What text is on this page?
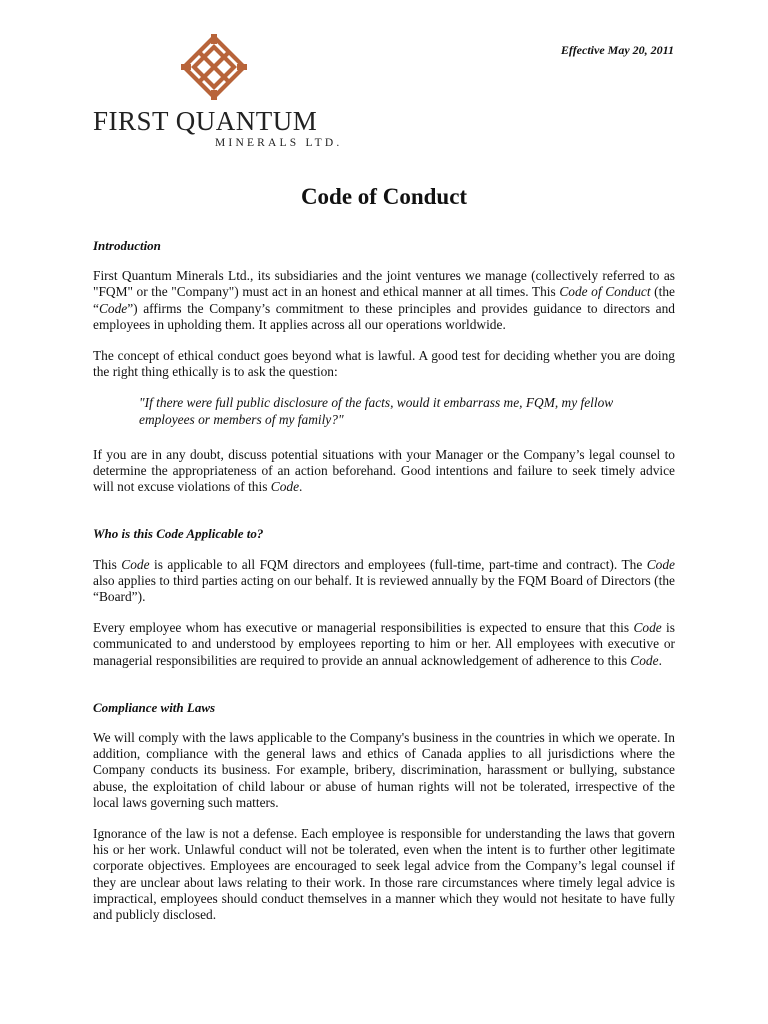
FIRST QUANTUM
MINERALS LTD.
Effective May 20, 2011
Code of Conduct
Introduction
First Quantum Minerals Ltd., its subsidiaries and the joint ventures we manage (collectively referred to as "FQM" or the "Company") must act in an honest and ethical manner at all times. This Code of Conduct (the “Code”) affirms the Company’s commitment to these principles and provides guidance to directors and employees in upholding them. It applies across all our operations worldwide.
The concept of ethical conduct goes beyond what is lawful. A good test for deciding whether you are doing the right thing ethically is to ask the question:
"If there were full public disclosure of the facts, would it embarrass me, FQM, my fellow employees or members of my family?"
If you are in any doubt, discuss potential situations with your Manager or the Company’s legal counsel to determine the appropriateness of an action beforehand. Good intentions and failure to seek timely advice will not excuse violations of this Code.
Who is this Code Applicable to?
This Code is applicable to all FQM directors and employees (full-time, part-time and contract). The Code also applies to third parties acting on our behalf. It is reviewed annually by the FQM Board of Directors (the “Board”).
Every employee whom has executive or managerial responsibilities is expected to ensure that this Code is communicated to and understood by employees reporting to him or her. All employees with executive or managerial responsibilities are required to provide an annual acknowledgement of adherence to this Code.
Compliance with Laws
We will comply with the laws applicable to the Company's business in the countries in which we operate. In addition, compliance with the general laws and ethics of Canada applies to all jurisdictions where the Company conducts its business. For example, bribery, discrimination, harassment or bullying, substance abuse, the exploitation of child labour or abuse of human rights will not be tolerated, irrespective of the local laws governing such matters.
Ignorance of the law is not a defense. Each employee is responsible for understanding the laws that govern his or her work. Unlawful conduct will not be tolerated, even when the intent is to further other legitimate corporate objectives. Employees are encouraged to seek legal advice from the Company’s legal counsel if they are unclear about laws relating to their work. In those rare circumstances where timely legal advice is impractical, employees should conduct themselves in a manner which they would not hesitate to have fully and publicly disclosed.
